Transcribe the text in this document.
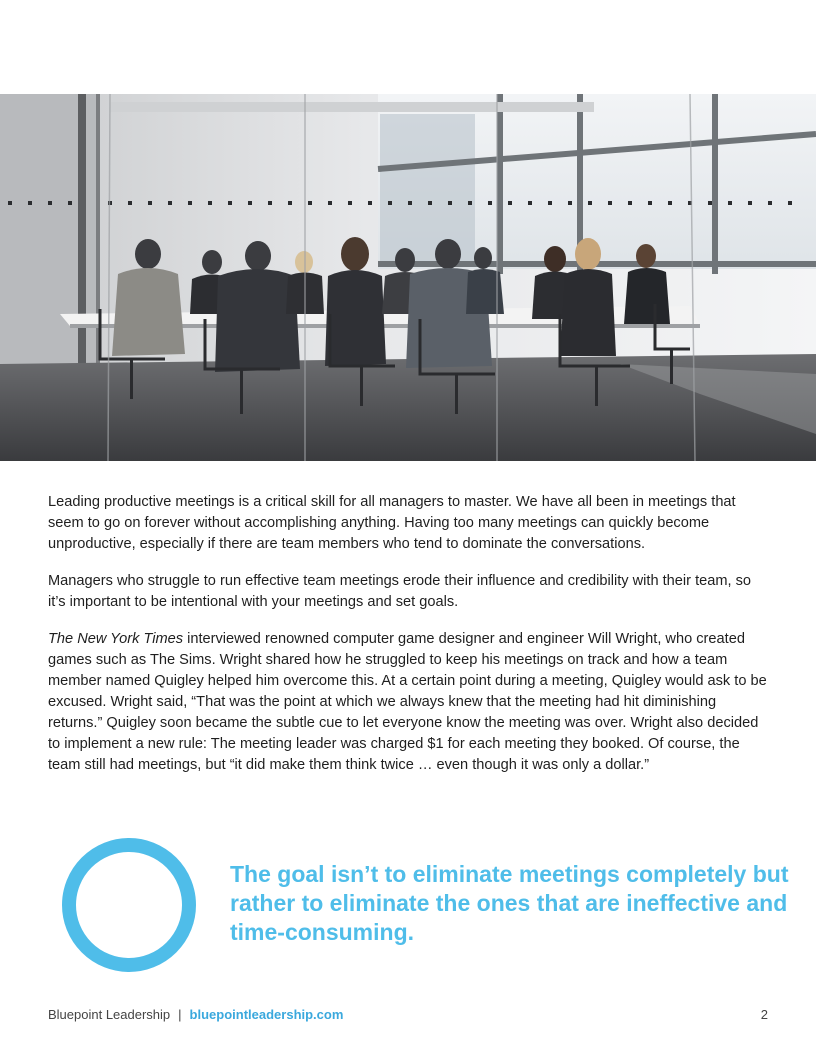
Leading productive meetings is a critical skill for all managers to master. We have all been in meetings that seem to go on forever without accomplishing anything. Having too many meetings can quickly become unproductive, especially if there are team members who tend to dominate the conversations.

Managers who struggle to run effective team meetings erode their influence and credibility with their team, so it’s important to be intentional with your meetings and set goals.

The New York Times interviewed renowned computer game designer and engineer Will Wright, who created games such as The Sims. Wright shared how he struggled to keep his meetings on track and how a team member named Quigley helped him overcome this. At a certain point during a meeting, Quigley would ask to be excused. Wright said, “That was the point at which we always knew that the meeting had hit diminishing returns.” Quigley soon became the subtle cue to let everyone know the meeting was over. Wright also decided to implement a new rule: The meeting leader was charged $1 for each meeting they booked. Of course, the team still had meetings, but “it did make them think twice … even though it was only a dollar.”

The goal isn’t to eliminate meetings completely but rather to eliminate the ones that are ineffective and time-consuming.
Bluepoint Leadership | bluepointleadership.com	2
